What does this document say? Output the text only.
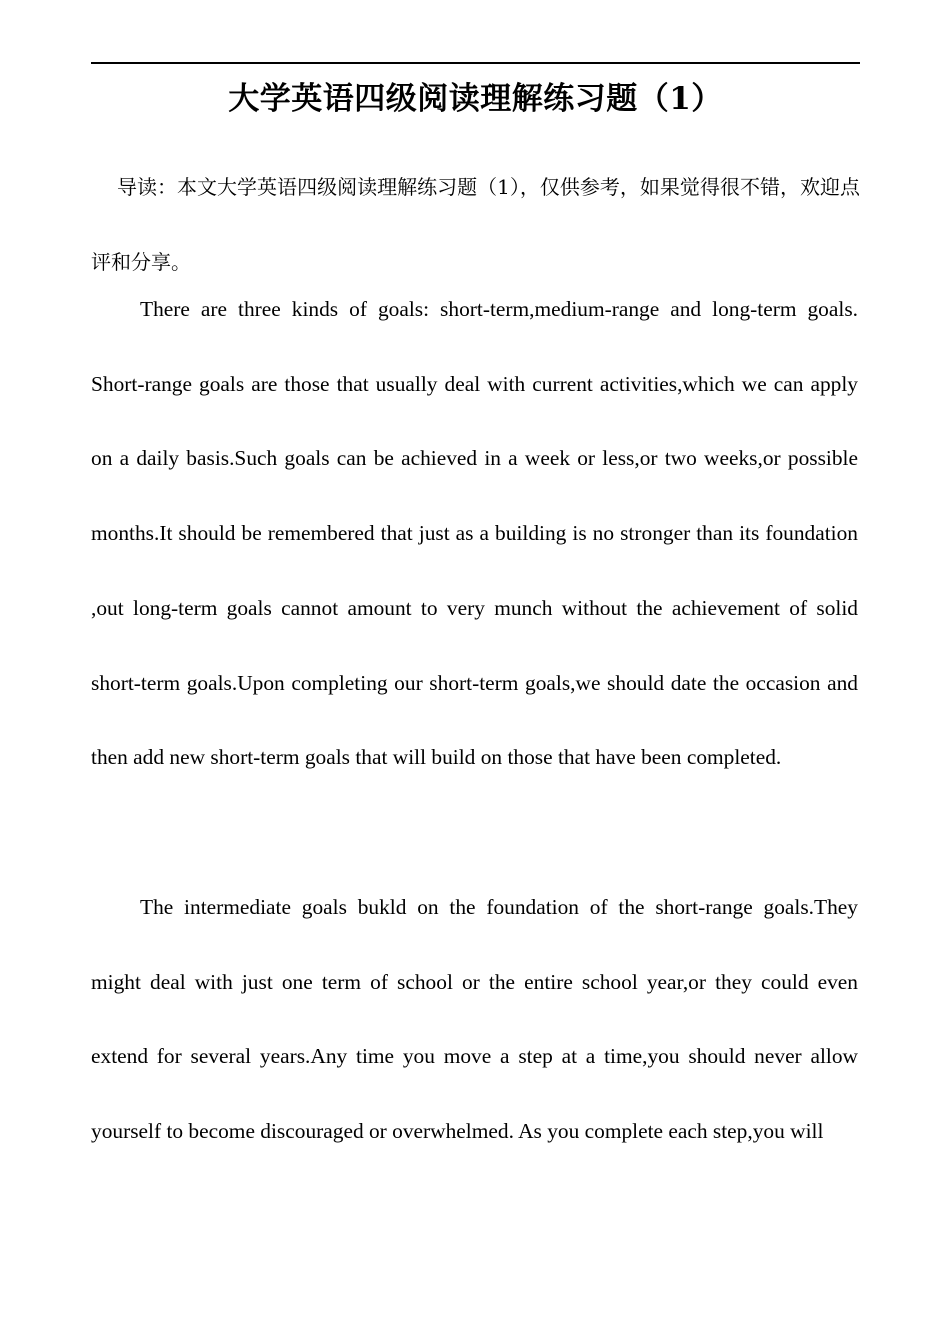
大学英语四级阅读理解练习题（1）

导读：本文大学英语四级阅读理解练习题（1），仅供参考，如果觉得很不错，欢迎点评和分享。

There are three kinds of goals: short-term,medium-range and long-term goals. Short-range goals are those that usually deal with current activities,which we can apply on a daily basis.Such goals can be achieved in a week or less,or two weeks,or possible months.It should be remembered that just as a building is no stronger than its foundation ,out long-term goals cannot amount to very munch without the achievement of solid short-term goals.Upon completing our short-term goals,we should date the occasion and then add new short-term goals that will build on those that have been completed.

The intermediate goals bukld on the foundation of the short-range goals.They might deal with just one term of school or the entire school year,or they could even extend for several years.Any time you move a step at a time,you should never allow yourself to become discouraged or overwhelmed. As you complete each step,you will
